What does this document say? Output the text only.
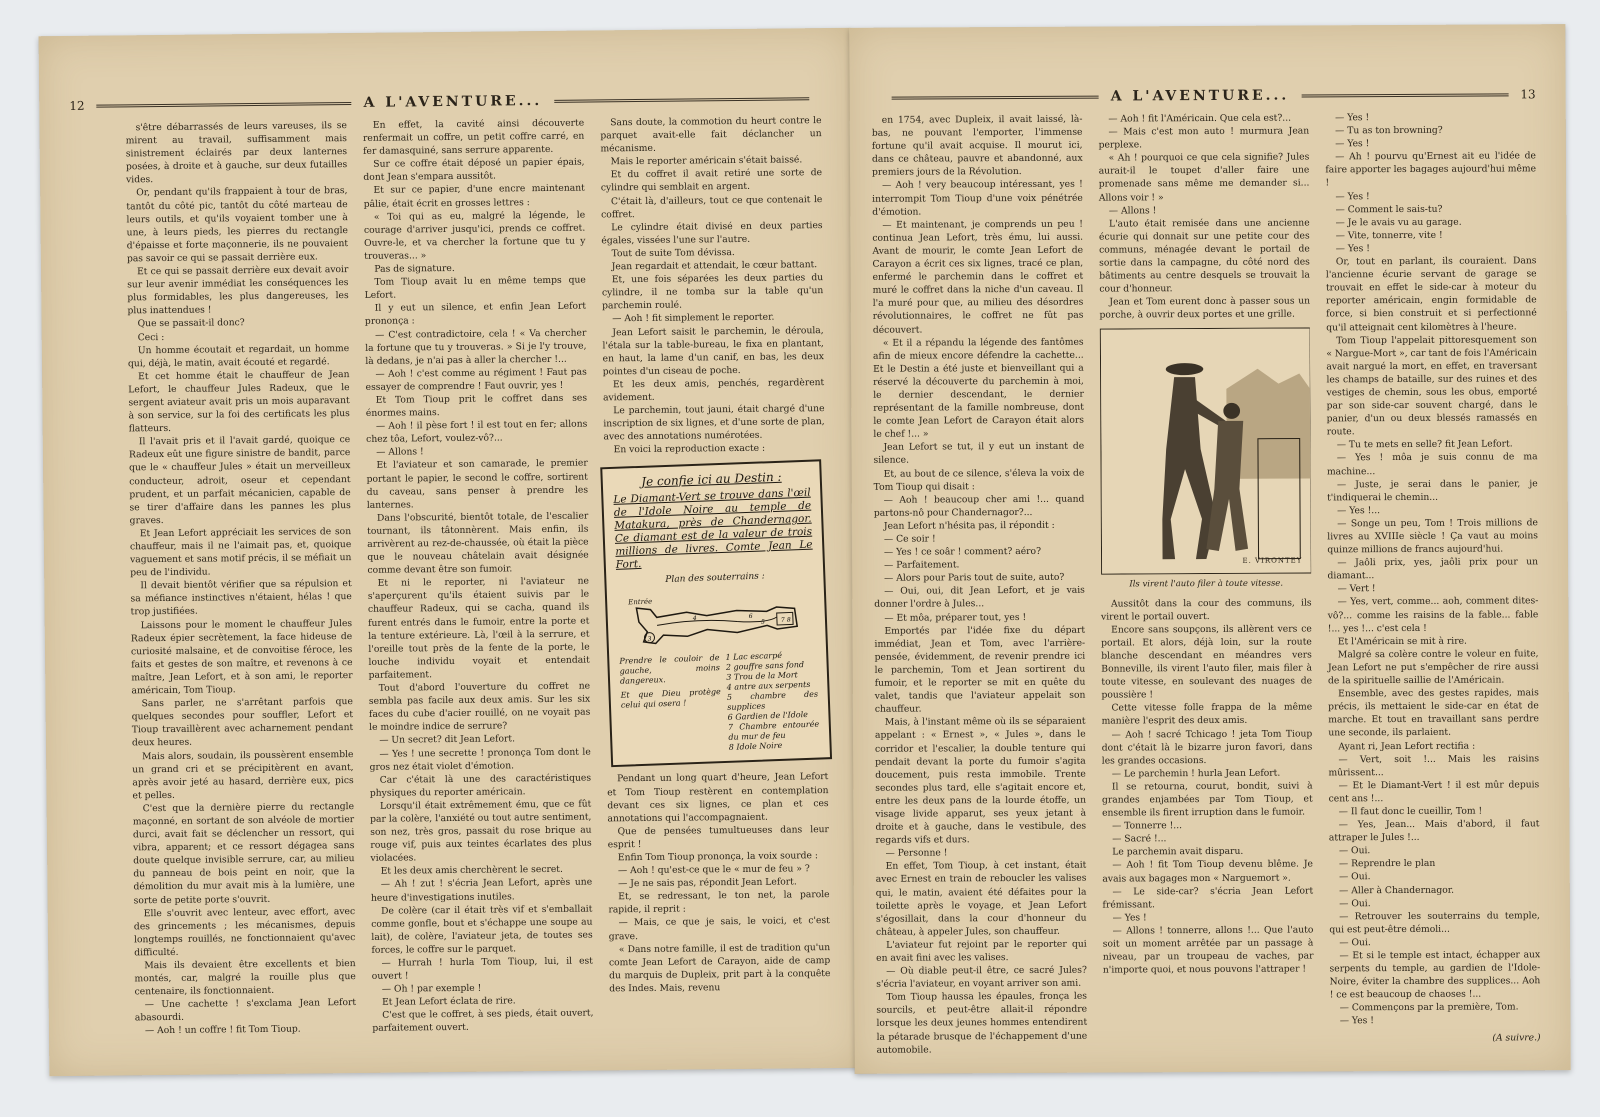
12	A L'AVENTURE...

s'être débarrassés de leurs vareuses, ils se mirent au travail, suffisamment mais sinistrement éclairés par deux lanternes posées, à droite et à gauche, sur deux futailles vides.

Or, pendant qu'ils frappaient à tour de bras, tantôt du côté pic, tantôt du côté marteau de leurs outils, et qu'ils voyaient tomber une à une, à leurs pieds, les pierres du rectangle d'épaisse et forte maçonnerie, ils ne pouvaient pas savoir ce qui se passait derrière eux.

Et ce qui se passait derrière eux devait avoir sur leur avenir immédiat les conséquences les plus formidables, les plus dangereuses, les plus inattendues !

Que se passait-il donc?

Ceci :

Un homme écoutait et regardait, un homme qui, déjà, le matin, avait écouté et regardé.

Et cet homme était le chauffeur de Jean Lefort, le chauffeur Jules Radeux, que le sergent aviateur avait pris un mois auparavant à son service, sur la foi des certificats les plus flatteurs.

Il l'avait pris et il l'avait gardé, quoique ce Radeux eût une figure sinistre de bandit, parce que le « chauffeur Jules » était un merveilleux conducteur, adroit, oseur et cependant prudent, et un parfait mécanicien, capable de se tirer d'affaire dans les pannes les plus graves.

Et Jean Lefort appréciait les services de son chauffeur, mais il ne l'aimait pas, et, quoique vaguement et sans motif précis, il se méfiait un peu de l'individu.

Il devait bientôt vérifier que sa répulsion et sa méfiance instinctives n'étaient, hélas ! que trop justifiées.

Laissons pour le moment le chauffeur Jules Radeux épier secrètement, la face hideuse de curiosité malsaine, et de convoitise féroce, les faits et gestes de son maître, et revenons à ce maître, Jean Lefort, et à son ami, le reporter américain, Tom Tioup.

Sans parler, ne s'arrêtant parfois que quelques secondes pour souffler, Lefort et Tioup travaillèrent avec acharnement pendant deux heures.

Mais alors, soudain, ils poussèrent ensemble un grand cri et se précipitèrent en avant, après avoir jeté au hasard, derrière eux, pics et pelles.

C'est que la dernière pierre du rectangle maçonné, en sortant de son alvéole de mortier durci, avait fait se déclencher un ressort, qui vibra, apparent; et ce ressort dégagea sans doute quelque invisible serrure, car, au milieu du panneau de bois peint en noir, que la démolition du mur avait mis à la lumière, une sorte de petite porte s'ouvrit.

Elle s'ouvrit avec lenteur, avec effort, avec des grincements ; les mécanismes, depuis longtemps rouillés, ne fonctionnaient qu'avec difficulté.

Mais ils devaient être excellents et bien montés, car, malgré la rouille plus que centenaire, ils fonctionnaient.

— Une cachette ! s'exclama Jean Lefort abasourdi.

— Aoh ! un coffre ! fit Tom Tioup.

En effet, la cavité ainsi découverte renfermait un coffre, un petit coffre carré, en fer damasquiné, sans serrure apparente.

Sur ce coffre était déposé un papier épais, dont Jean s'empara aussitôt.

Et sur ce papier, d'une encre maintenant pâlie, était écrit en grosses lettres :

« Toi qui as eu, malgré la légende, le courage d'arriver jusqu'ici, prends ce coffret. Ouvre-le, et va chercher la fortune que tu y trouveras... »

Pas de signature.

Tom Tioup avait lu en même temps que Lefort.

Il y eut un silence, et enfin Jean Lefort prononça :

— C'est contradictoire, cela ! « Va chercher la fortune que tu y trouveras. » Si je l'y trouve, là dedans, je n'ai pas à aller la chercher !...

— Aoh ! c'est comme au régiment ! Faut pas essayer de comprendre ! Faut ouvrir, yes !

Et Tom Tioup prit le coffret dans ses énormes mains.

— Aoh ! il pèse fort ! il est tout en fer; allons chez tôa, Lefort, voulez-vô?...

— Allons !

Et l'aviateur et son camarade, le premier portant le papier, le second le coffre, sortirent du caveau, sans penser à prendre les lanternes.

Dans l'obscurité, bientôt totale, de l'escalier tournant, ils tâtonnèrent. Mais enfin, ils arrivèrent au rez-de-chaussée, où était la pièce que le nouveau châtelain avait désignée comme devant être son fumoir.

Et ni le reporter, ni l'aviateur ne s'aperçurent qu'ils étaient suivis par le chauffeur Radeux, qui se cacha, quand ils furent entrés dans le fumoir, entre la porte et la tenture extérieure. Là, l'œil à la serrure, et l'oreille tout près de la fente de la porte, le louche individu voyait et entendait parfaitement.

Tout d'abord l'ouverture du coffret ne sembla pas facile aux deux amis. Sur les six faces du cube d'acier rouillé, on ne voyait pas le moindre indice de serrure?

— Un secret? dit Jean Lefort.

— Yes ! une secrette ! prononça Tom dont le gros nez était violet d'émotion.

Car c'était là une des caractéristiques physiques du reporter américain.

Lorsqu'il était extrêmement ému, que ce fût par la colère, l'anxiété ou tout autre sentiment, son nez, très gros, passait du rose brique au rouge vif, puis aux teintes écarlates des plus violacées.

Et les deux amis cherchèrent le secret.

— Ah ! zut ! s'écria Jean Lefort, après une heure d'investigations inutiles.

De colère (car il était très vif et s'emballait comme gonfle, bout et s'échappe une soupe au lait), de colère, l'aviateur jeta, de toutes ses forces, le coffre sur le parquet.

— Hurrah ! hurla Tom Tioup, lui, il est ouvert !

— Oh ! par exemple !

Et Jean Lefort éclata de rire.

C'est que le coffret, à ses pieds, était ouvert, parfaitement ouvert.

Sans doute, la commotion du heurt contre le parquet avait-elle fait déclancher un mécanisme.

Mais le reporter américain s'était baissé.

Et du coffret il avait retiré une sorte de cylindre qui semblait en argent.

C'était là, d'ailleurs, tout ce que contenait le coffret.

Le cylindre était divisé en deux parties égales, vissées l'une sur l'autre.

Tout de suite Tom dévissa.

Jean regardait et attendait, le cœur battant.

Et, une fois séparées les deux parties du cylindre, il ne tomba sur la table qu'un parchemin roulé.

— Aoh ! fit simplement le reporter.

Jean Lefort saisit le parchemin, le déroula, l'étala sur la table-bureau, le fixa en plantant, en haut, la lame d'un canif, en bas, les deux pointes d'un ciseau de poche.

Et les deux amis, penchés, regardèrent avidement.

Le parchemin, tout jauni, était chargé d'une inscription de six lignes, et d'une sorte de plan, avec des annotations numérotées.

En voici la reproduction exacte :

Je confie ici au Destin :
Le Diamant-Vert se trouve dans l'œil de l'Idole Noire au temple de Matakura, près de Chandernagor. Ce diamant est de la valeur de trois millions de livres. Comte Jean Le Fort.
Plan des souterrains :
Entrée
3
4	6
5	7 8
Prendre le couloir de gauche, moins dangereux.
Et que Dieu protège celui qui osera !
1 Lac escarpé
2 gouffre sans fond
3 Trou de la Mort
4 antre aux serpents
5 chambre des supplices
6 Gardien de l'Idole
7 Chambre entourée du mur de feu
8 Idole Noire

Pendant un long quart d'heure, Jean Lefort et Tom Tioup restèrent en contemplation devant ces six lignes, ce plan et ces annotations qui l'accompagnaient.

Que de pensées tumultueuses dans leur esprit !

Enfin Tom Tioup prononça, la voix sourde :

— Aoh ! qu'est-ce que le « mur de feu » ?

— Je ne sais pas, répondit Jean Lefort.

Et, se redressant, le ton net, la parole rapide, il reprit :

— Mais, ce que je sais, le voici, et c'est grave.

« Dans notre famille, il est de tradition qu'un comte Jean Lefort de Carayon, aide de camp du marquis de Dupleix, prit part à la conquête des Indes. Mais, revenu

A L'AVENTURE...	13

en 1754, avec Dupleix, il avait laissé, là-bas, ne pouvant l'emporter, l'immense fortune qu'il avait acquise. Il mourut ici, dans ce château, pauvre et abandonné, aux premiers jours de la Révolution.

— Aoh ! very beaucoup intéressant, yes ! interrompit Tom Tioup d'une voix pénétrée d'émotion.

— Et maintenant, je comprends un peu ! continua Jean Lefort, très ému, lui aussi. Avant de mourir, le comte Jean Lefort de Carayon a écrit ces six lignes, tracé ce plan, enfermé le parchemin dans le coffret et muré le coffret dans la niche d'un caveau. Il l'a muré pour que, au milieu des désordres révolutionnaires, le coffret ne fût pas découvert.

« Et il a répandu la légende des fantômes afin de mieux encore défendre la cachette... Et le Destin a été juste et bienveillant qui a réservé la découverte du parchemin à moi, le dernier descendant, le dernier représentant de la famille nombreuse, dont le comte Jean Lefort de Carayon était alors le chef !... »

Jean Lefort se tut, il y eut un instant de silence.

Et, au bout de ce silence, s'éleva la voix de Tom Tioup qui disait :

— Aoh ! beaucoup cher ami !... quand partons-nô pour Chandernagor?...

Jean Lefort n'hésita pas, il répondit :

— Ce soir !

— Yes ! ce soâr ! comment? aéro?

— Parfaitement.

— Alors pour Paris tout de suite, auto?

— Oui, oui, dit Jean Lefort, et je vais donner l'ordre à Jules...

— Et môa, préparer tout, yes !

Emportés par l'idée fixe du départ immédiat, Jean et Tom, avec l'arrière-pensée, évidemment, de revenir prendre ici le parchemin, Tom et Jean sortirent du fumoir, et le reporter se mit en quête du valet, tandis que l'aviateur appelait son chauffeur.

Mais, à l'instant même où ils se séparaient appelant : « Ernest », « Jules », dans le corridor et l'escalier, la double tenture qui pendait devant la porte du fumoir s'agita doucement, puis resta immobile. Trente secondes plus tard, elle s'agitait encore et, entre les deux pans de la lourde étoffe, un visage livide apparut, ses yeux jetant à droite et à gauche, dans le vestibule, des regards vifs et durs.

— Personne !

En effet, Tom Tioup, à cet instant, était avec Ernest en train de reboucler les valises qui, le matin, avaient été défaites pour la toilette après le voyage, et Jean Lefort s'égosillait, dans la cour d'honneur du château, à appeler Jules, son chauffeur.

L'aviateur fut rejoint par le reporter qui en avait fini avec les valises.

— Où diable peut-il être, ce sacré Jules? s'écria l'aviateur, en voyant arriver son ami.

Tom Tioup haussa les épaules, fronça les sourcils, et peut-être allait-il répondre lorsque les deux jeunes hommes entendirent la pétarade brusque de l'échappement d'une automobile.

— Aoh ! fit l'Américain. Que cela est?...

— Mais c'est mon auto ! murmura Jean perplexe.

« Ah ! pourquoi ce que cela signifie? Jules aurait-il le toupet d'aller faire une promenade sans même me demander si... Allons voir ! »

— Allons !

L'auto était remisée dans une ancienne écurie qui donnait sur une petite cour des communs, ménagée devant le portail de sortie dans la campagne, du côté nord des bâtiments au centre desquels se trouvait la cour d'honneur.

Jean et Tom eurent donc à passer sous un porche, à ouvrir deux portes et une grille.

E. VIRONTEY
Ils virent l'auto filer à toute vitesse.

Aussitôt dans la cour des communs, ils virent le portail ouvert.

Encore sans soupçons, ils allèrent vers ce portail. Et alors, déjà loin, sur la route blanche descendant en méandres vers Bonneville, ils virent l'auto filer, mais filer à toute vitesse, en soulevant des nuages de poussière !

Cette vitesse folle frappa de la même manière l'esprit des deux amis.

— Aoh ! sacré Tchicago ! jeta Tom Tioup dont c'était là le bizarre juron favori, dans les grandes occasions.

— Le parchemin ! hurla Jean Lefort.

Il se retourna, courut, bondit, suivi à grandes enjambées par Tom Tioup, et ensemble ils firent irruption dans le fumoir.

— Tonnerre !...

— Sacré !...

Le parchemin avait disparu.

— Aoh ! fit Tom Tioup devenu blême. Je avais aux bagages mon « Narguemort ».

— Le side-car? s'écria Jean Lefort frémissant.

— Yes !

— Allons ! tonnerre, allons !... Que l'auto soit un moment arrêtée par un passage à niveau, par un troupeau de vaches, par n'importe quoi, et nous pouvons l'attraper !

— Yes !

— Tu as ton browning?

— Yes !

— Ah ! pourvu qu'Ernest ait eu l'idée de faire apporter les bagages aujourd'hui même !

— Yes !

— Comment le sais-tu?

— Je le avais vu au garage.

— Vite, tonnerre, vite !

— Yes !

Or, tout en parlant, ils couraient. Dans l'ancienne écurie servant de garage se trouvait en effet le side-car à moteur du reporter américain, engin formidable de force, si bien construit et si perfectionné qu'il atteignait cent kilomètres à l'heure.

Tom Tioup l'appelait pittoresquement son « Nargue-Mort », car tant de fois l'Américain avait nargué la mort, en effet, en traversant les champs de bataille, sur des ruines et des vestiges de chemin, sous les obus, emporté par son side-car souvent chargé, dans le panier, d'un ou deux blessés ramassés en route.

— Tu te mets en selle? fit Jean Lefort.

— Yes ! môa je suis connu de ma machine...

— Juste, je serai dans le panier, je t'indiquerai le chemin...

— Yes !...

— Songe un peu, Tom ! Trois millions de livres au XVIIIe siècle ! Ça vaut au moins quinze millions de francs aujourd'hui.

— Jaôli prix, yes, jaôli prix pour un diamant...

— Vert !

— Yes, vert, comme... aoh, comment dites-vô?... comme les raisins de la fable... fable !... yes !... c'est cela !

Et l'Américain se mit à rire.

Malgré sa colère contre le voleur en fuite, Jean Lefort ne put s'empêcher de rire aussi de la spirituelle saillie de l'Américain.

Ensemble, avec des gestes rapides, mais précis, ils mettaient le side-car en état de marche. Et tout en travaillant sans perdre une seconde, ils parlaient.

Ayant ri, Jean Lefort rectifia :

— Vert, soit !... Mais les raisins mûrissent...

— Et le Diamant-Vert ! il est mûr depuis cent ans !...

— Il faut donc le cueillir, Tom !

— Yes, Jean... Mais d'abord, il faut attraper le Jules !...

— Oui.

— Reprendre le plan

— Oui.

— Aller à Chandernagor.

— Oui.

— Retrouver les souterrains du temple, qui est peut-être démoli...

— Oui.

— Et si le temple est intact, échapper aux serpents du temple, au gardien de l'Idole-Noire, éviter la chambre des supplices... Aoh ! ce est beaucoup de chaoses !...

— Commençons par la première, Tom.

— Yes !

(A suivre.)
